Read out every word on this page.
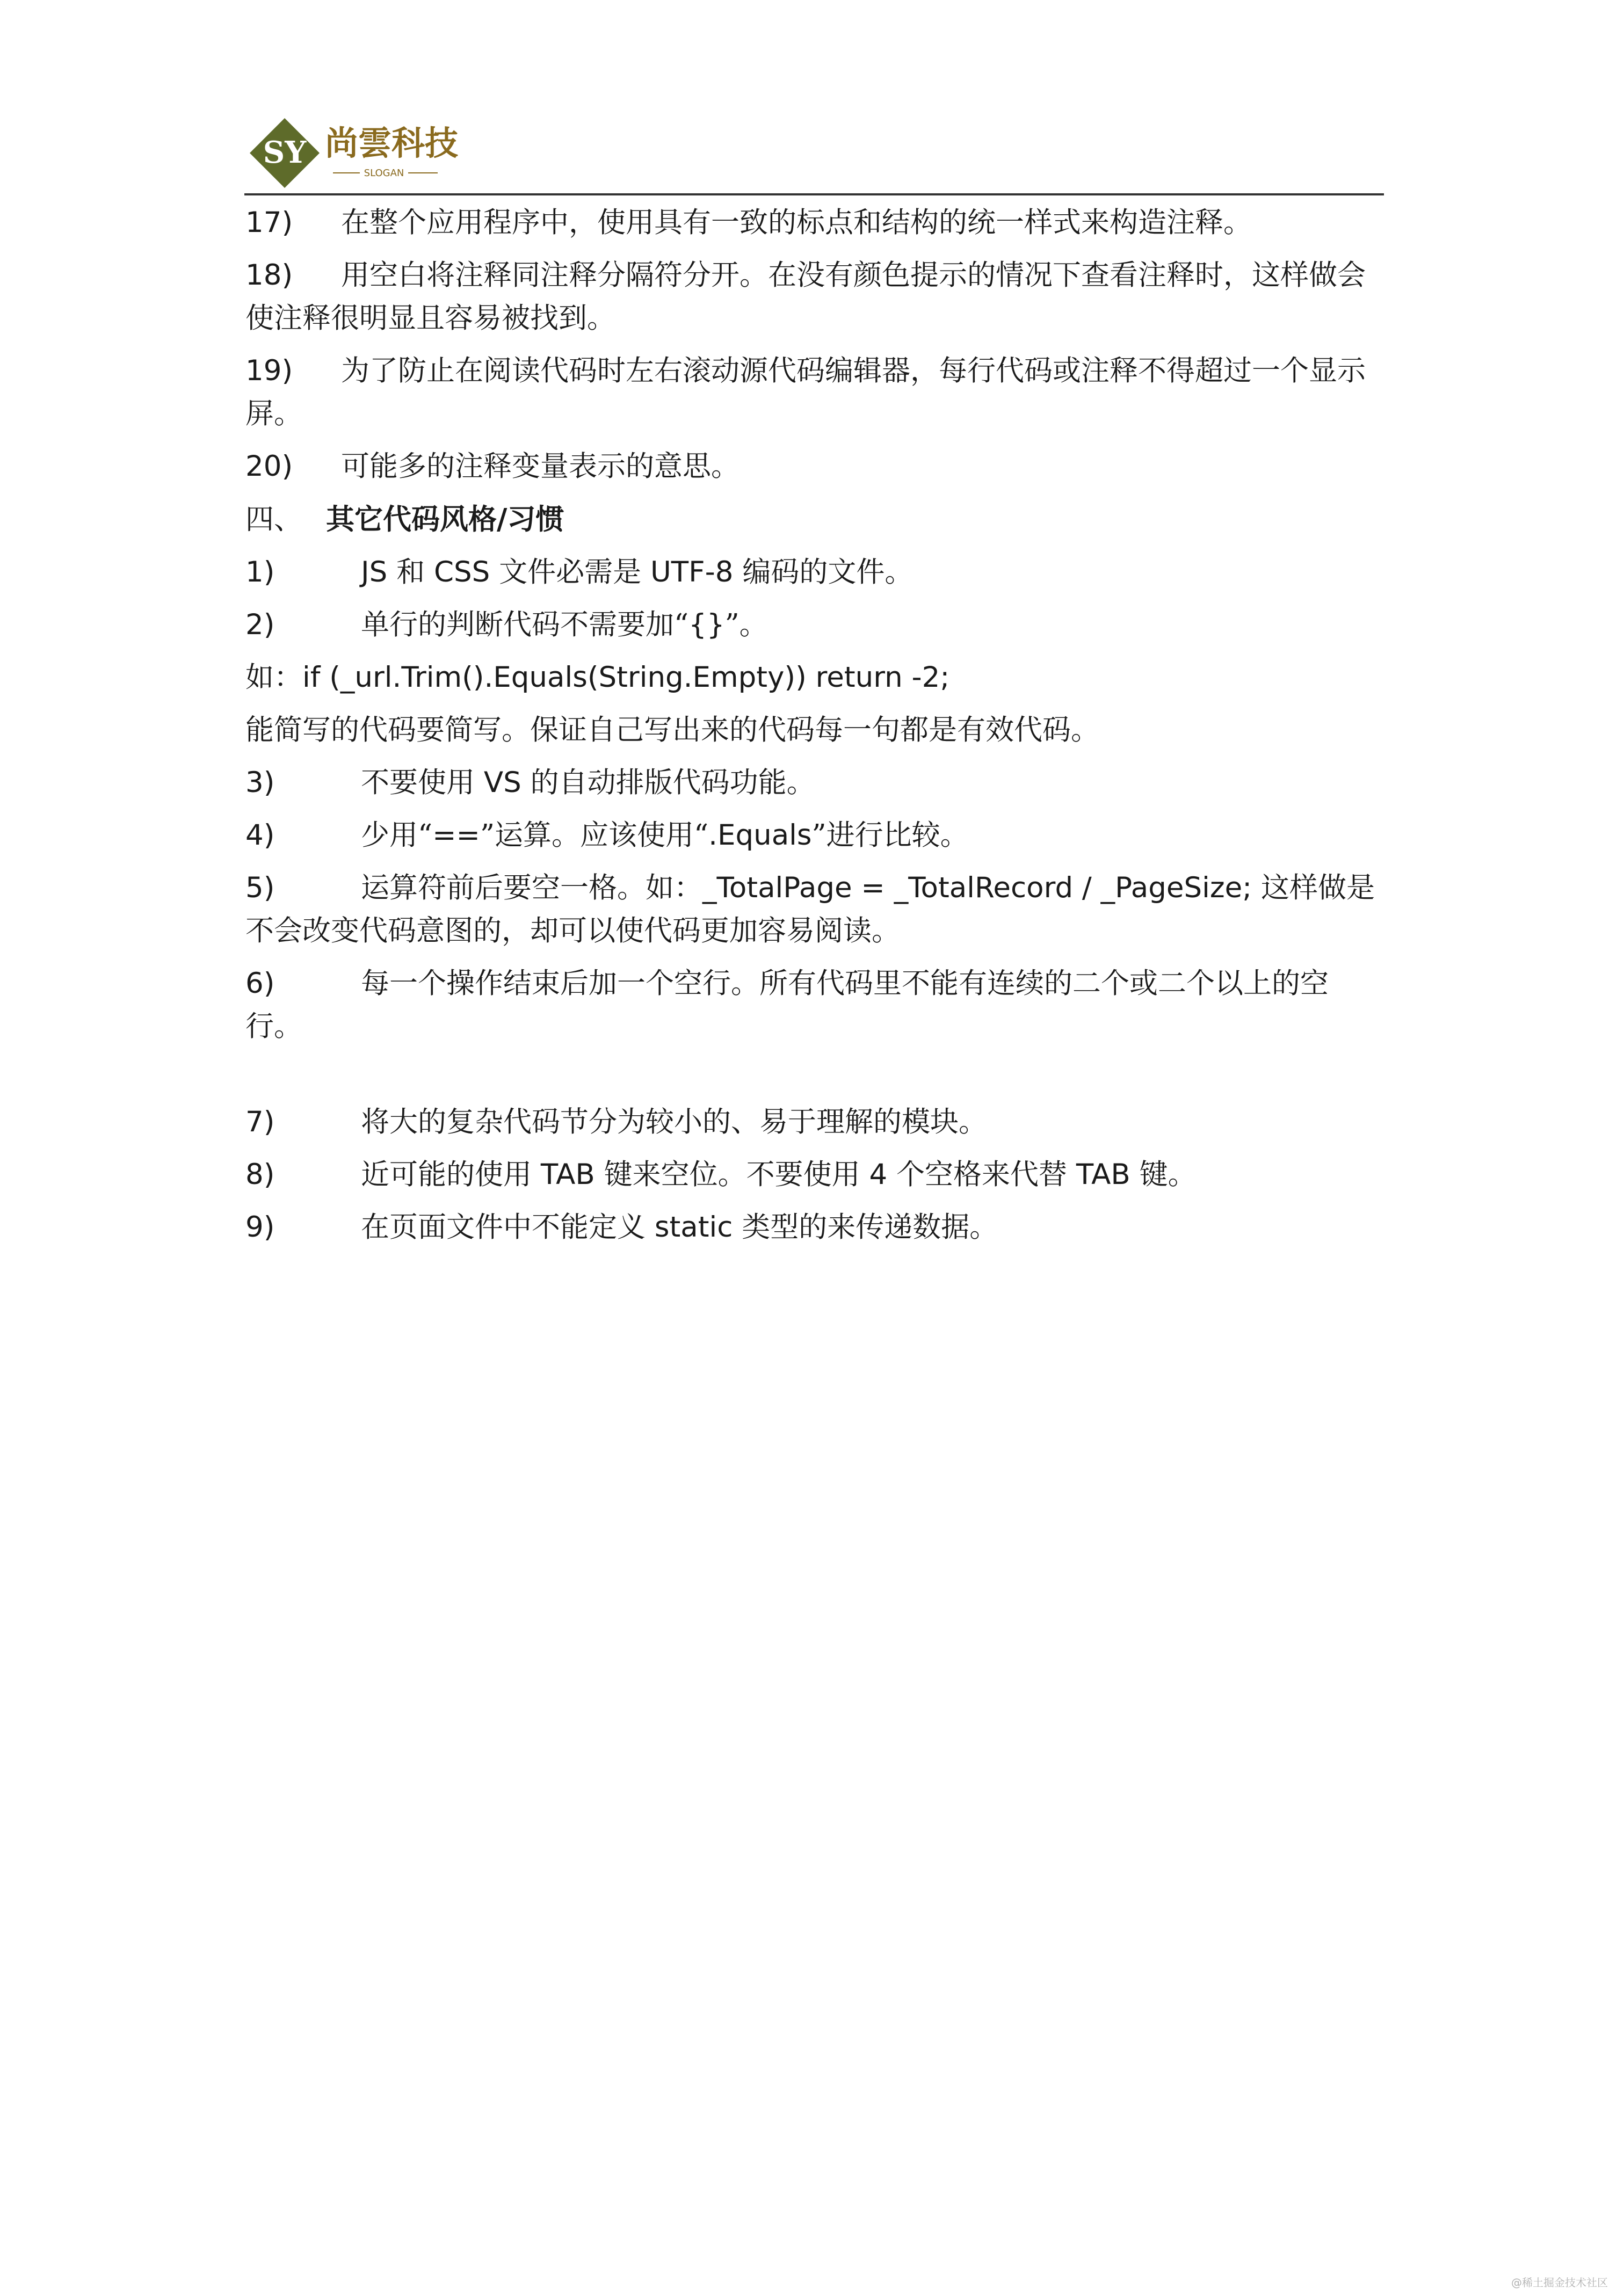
SY 尚雲科技
SLOGAN

17) 在整个应用程序中，使用具有一致的标点和结构的统一样式来构造注释。

18) 用空白将注释同注释分隔符分开。在没有颜色提示的情况下查看注释时，这样做会使注释很明显且容易被找到。

19) 为了防止在阅读代码时左右滚动源代码编辑器，每行代码或注释不得超过一个显示屏。

20) 可能多的注释变量表示的意思。

四、 其它代码风格/习惯

1)	JS 和 CSS 文件必需是 UTF-8 编码的文件。

2)	单行的判断代码不需要加“{}”。

如：if (_url.Trim().Equals(String.Empty)) return -2;

能简写的代码要简写。保证自己写出来的代码每一句都是有效代码。

3)	不要使用 VS 的自动排版代码功能。

4)	少用“==”运算。应该使用“.Equals”进行比较。

5)	运算符前后要空一格。如：_TotalPage = _TotalRecord / _PageSize; 这样做是不会改变代码意图的，却可以使代码更加容易阅读。

6)	每一个操作结束后加一个空行。所有代码里不能有连续的二个或二个以上的空行。

7)	将大的复杂代码节分为较小的、易于理解的模块。

8)	近可能的使用 TAB 键来空位。不要使用 4 个空格来代替 TAB 键。

9)	在页面文件中不能定义 static 类型的来传递数据。

@稀土掘金技术社区
